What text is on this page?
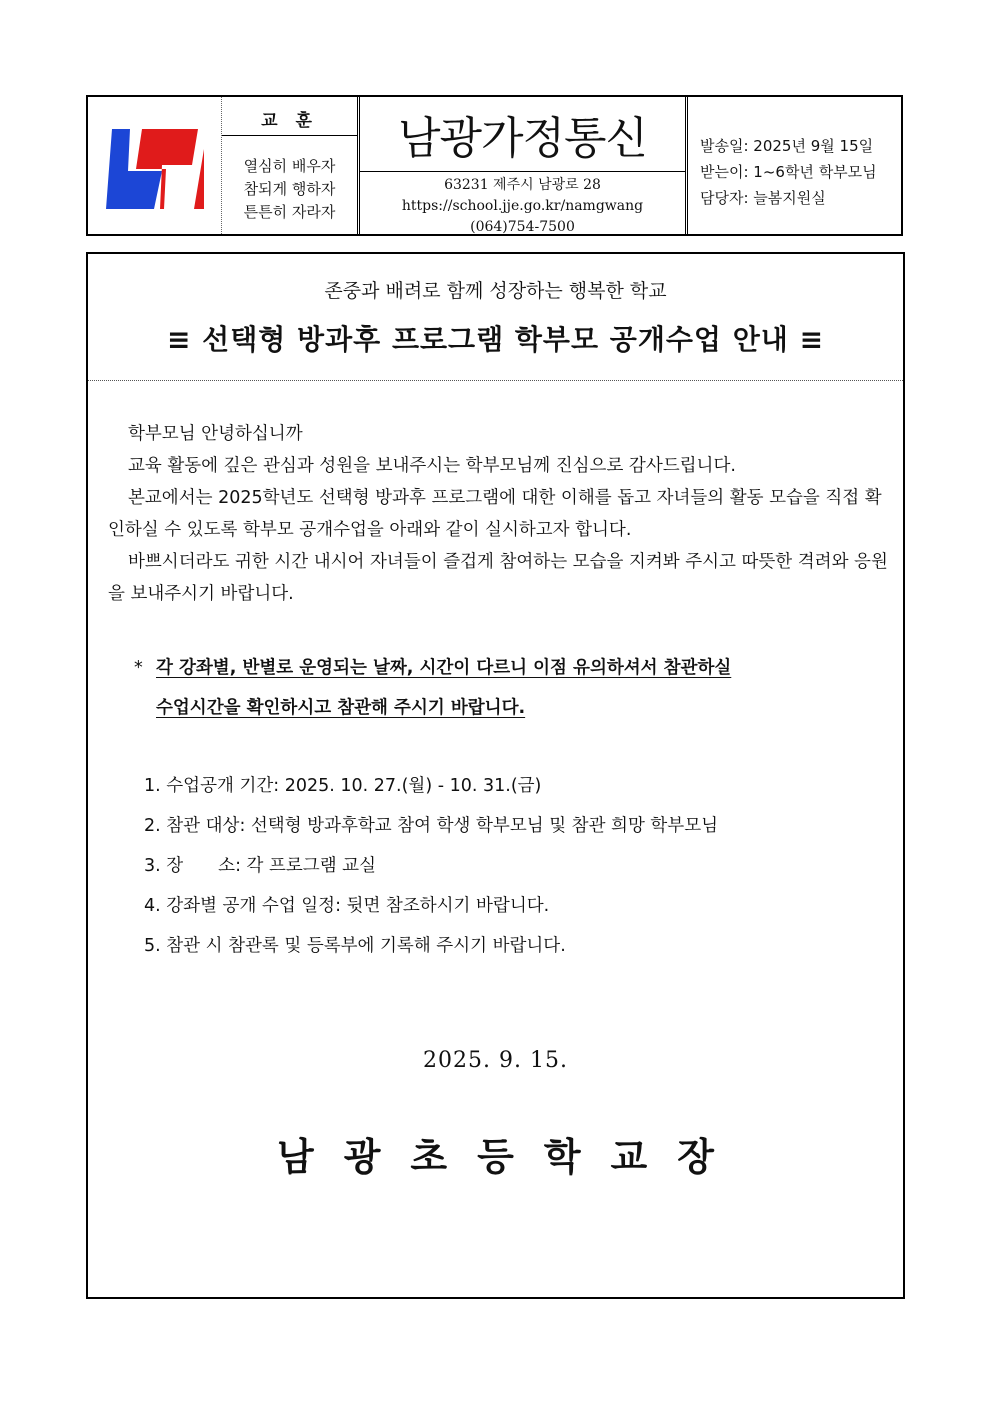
교 훈
열심히 배우자
참되게 행하자
튼튼히 자라자
남광가정통신
63231 제주시 남광로 28
https://school.jje.go.kr/namgwang
(064)754-7500
발송일: 2025년 9월 15일
받는이: 1~6학년 학부모님
담당자: 늘봄지원실
존중과 배려로 함께 성장하는 행복한 학교
≡ 선택형 방과후 프로그램 학부모 공개수업 안내 ≡
학부모님 안녕하십니까
교육 활동에 깊은 관심과 성원을 보내주시는 학부모님께 진심으로 감사드립니다.
본교에서는 2025학년도 선택형 방과후 프로그램에 대한 이해를 돕고 자녀들의 활동 모습을 직접 확인하실 수 있도록 학부모 공개수업을 아래와 같이 실시하고자 합니다.
바쁘시더라도 귀한 시간 내시어 자녀들이 즐겁게 참여하는 모습을 지켜봐 주시고 따뜻한 격려와 응원을 보내주시기 바랍니다.
* 각 강좌별, 반별로 운영되는 날짜, 시간이 다르니 이점 유의하셔서 참관하실
수업시간을 확인하시고 참관해 주시기 바랍니다.
1. 수업공개 기간: 2025. 10. 27.(월) - 10. 31.(금)
2. 참관 대상: 선택형 방과후학교 참여 학생 학부모님 및 참관 희망 학부모님
3. 장　　소: 각 프로그램 교실
4. 강좌별 공개 수업 일정: 뒷면 참조하시기 바랍니다.
5. 참관 시 참관록 및 등록부에 기록해 주시기 바랍니다.
2025. 9. 15.
남광초등학교장
